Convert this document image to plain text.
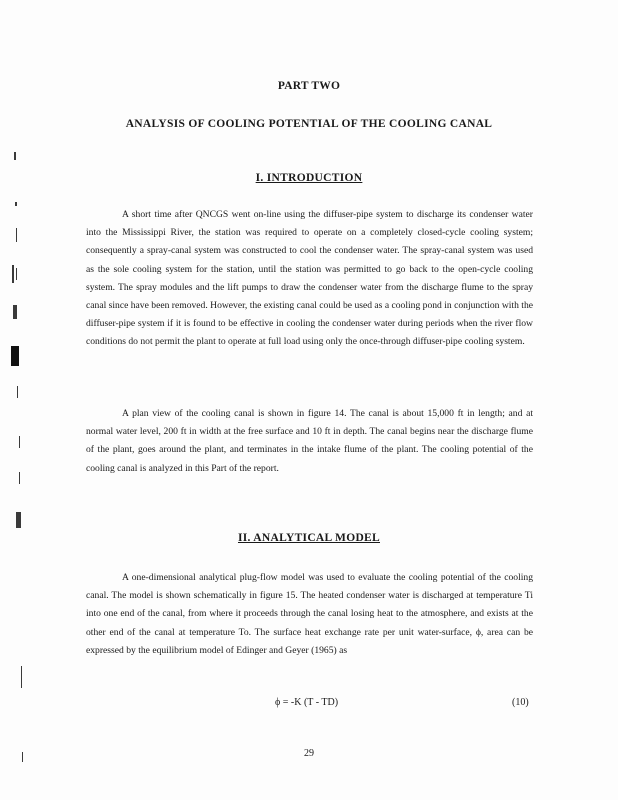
PART TWO
ANALYSIS OF COOLING POTENTIAL OF THE COOLING CANAL
I. INTRODUCTION

A short time after QNCGS went on-line using the diffuser-pipe system to discharge its condenser water into the Mississippi River, the station was required to operate on a completely closed-cycle cooling system; consequently a spray-canal system was constructed to cool the condenser water. The spray-canal system was used as the sole cooling system for the station, until the station was permitted to go back to the open-cycle cooling system. The spray modules and the lift pumps to draw the condenser water from the discharge flume to the spray canal since have been removed. However, the existing canal could be used as a cooling pond in conjunction with the diffuser-pipe system if it is found to be effective in cooling the condenser water during periods when the river flow conditions do not permit the plant to operate at full load using only the once-through diffuser-pipe cooling system.

A plan view of the cooling canal is shown in figure 14. The canal is about 15,000 ft in length; and at normal water level, 200 ft in width at the free surface and 10 ft in depth. The canal begins near the discharge flume of the plant, goes around the plant, and terminates in the intake flume of the plant. The cooling potential of the cooling canal is analyzed in this Part of the report.

II. ANALYTICAL MODEL

A one-dimensional analytical plug-flow model was used to evaluate the cooling potential of the cooling canal. The model is shown schematically in figure 15. The heated condenser water is discharged at temperature Ti into one end of the canal, from where it proceeds through the canal losing heat to the atmosphere, and exists at the other end of the canal at temperature To. The surface heat exchange rate per unit water-surface, ϕ, area can be expressed by the equilibrium model of Edinger and Geyer (1965) as

ϕ = -K (T - TD)	(10)
29
